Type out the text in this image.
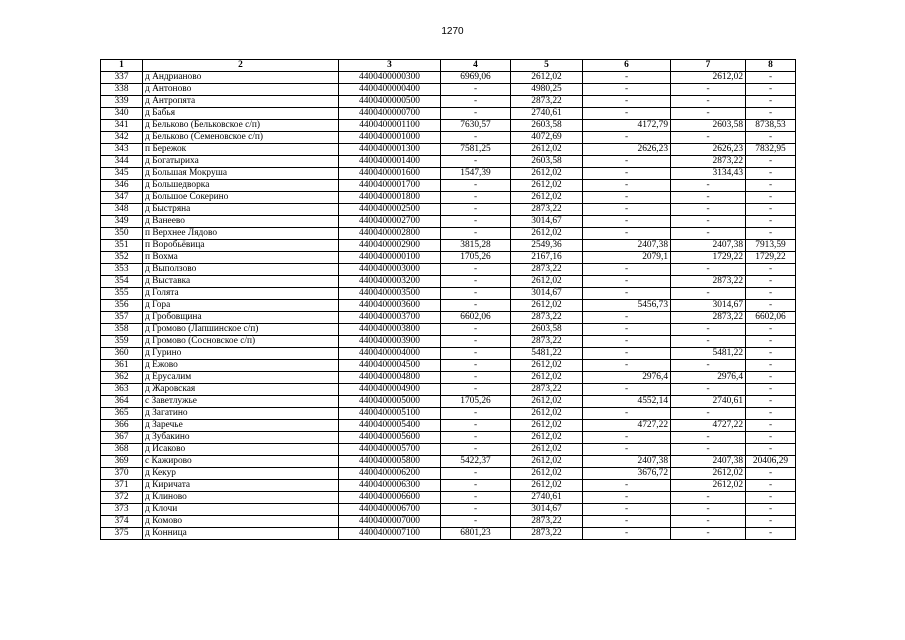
1270
1	2	3	4	5	6	7	8
337	д Андрианово	4400400000300	6969,06	2612,02	-	2612,02	-
338	д Антоново	4400400000400	-	4980,25	-	-	-
339	д Антропята	4400400000500	-	2873,22	-	-	-
340	д Бабья	4400400000700	-	2740,61	-	-	-
341	д Бельково (Бельковское с/п)	4400400001100	7630,57	2603,58	4172,79	2603,58	8738,53
342	д Бельково (Семеновское с/п)	4400400001000	-	4072,69	-	-	-
343	п Бережок	4400400001300	7581,25	2612,02	2626,23	2626,23	7832,95
344	д Богатыриха	4400400001400	-	2603,58	-	2873,22	-
345	д Большая Мокруша	4400400001600	1547,39	2612,02	-	3134,43	-
346	д Большедворка	4400400001700	-	2612,02	-	-	-
347	д Большое Сокерино	4400400001800	-	2612,02	-	-	-
348	д Быстряна	4400400002500	-	2873,22	-	-	-
349	д Ванеево	4400400002700	-	3014,67	-	-	-
350	п Верхнее Лядово	4400400002800	-	2612,02	-	-	-
351	п Воробьёвица	4400400002900	3815,28	2549,36	2407,38	2407,38	7913,59
352	п Вохма	4400400000100	1705,26	2167,16	2079,1	1729,22	1729,22
353	д Выползово	4400400003000	-	2873,22	-	-	-
354	д Выставка	4400400003200	-	2612,02	-	2873,22	-
355	д Голята	4400400003500	-	3014,67	-	-	-
356	д Гора	4400400003600	-	2612,02	5456,73	3014,67	-
357	д Гробовщина	4400400003700	6602,06	2873,22	-	2873,22	6602,06
358	д Громово (Лапшинское с/п)	4400400003800	-	2603,58	-	-	-
359	д Громово (Сосновское с/п)	4400400003900	-	2873,22	-	-	-
360	д Гурино	4400400004000	-	5481,22	-	5481,22	-
361	д Ежово	4400400004500	-	2612,02	-	-	-
362	д Ерусалим	4400400004800	-	2612,02	2976,4	2976,4	-
363	д Жаровская	4400400004900	-	2873,22	-	-	-
364	с Заветлужье	4400400005000	1705,26	2612,02	4552,14	2740,61	-
365	д Загатино	4400400005100	-	2612,02	-	-	-
366	д Заречье	4400400005400	-	2612,02	4727,22	4727,22	-
367	д Зубакино	4400400005600	-	2612,02	-	-	-
368	д Исаково	4400400005700	-	2612,02	-	-	-
369	с Кажирово	4400400005800	5422,37	2612,02	2407,38	2407,38	20406,29
370	д Кекур	4400400006200	-	2612,02	3676,72	2612,02	-
371	д Киричата	4400400006300	-	2612,02	-	2612,02	-
372	д Клиново	4400400006600	-	2740,61	-	-	-
373	д Клочи	4400400006700	-	3014,67	-	-	-
374	д Комово	4400400007000	-	2873,22	-	-	-
375	д Конница	4400400007100	6801,23	2873,22	-	-	-
